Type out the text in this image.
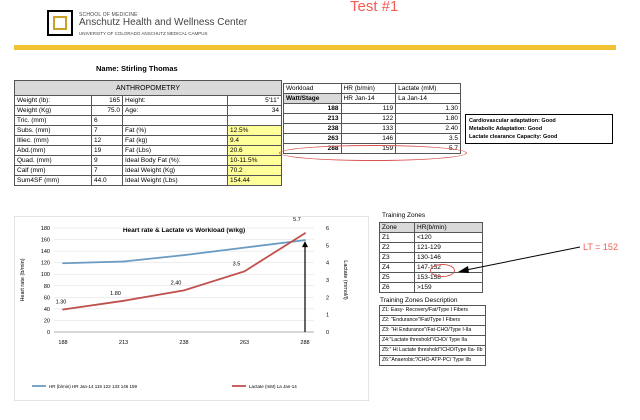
SCHOOL OF MEDICINE
Anschutz Health and Wellness Center
UNIVERSITY OF COLORADO ANSCHUTZ MEDICAL CAMPUS
Test #1
Name: Stirling Thomas
ANTHROPOMETRY			
Weight (lb):	165	Height:	5'11"
Weight (Kg)	75.0	Age:	34
Tric. (mm)	6		
Subs. (mm)	7	Fat (%)	12.5%
Illiec. (mm)	12	Fat (kg)	9.4
Abd.(mm)	19	Fat (Lbs)	20.6
Quad. (mm)	9	Ideal Body Fat (%):	10-11.5%
Calf (mm)	7	Ideal Weight (Kg)	70.2
Sum4SF (mm)	44.0	Ideal Weight (Lbs)	154.44
Workload	HR (b/min)	Lactate (mM)
Watt/Stage	HR Jan-14	La Jan-14
188	119	1.30
213	122	1.80
238	133	2.40
263	146	3.5
288	159	5.7
Cardiovascular adaptation: Good
Metabolic Adaptation: Good
Lactate clearance Capacity: Good
Heart rate & Lactate vs Workload (w/kg)
0
20
40
60
80
100
120
140
160
180
0
1
2
3
4
5
6
188	213	238	263	288
Heart rate (b/min)	Lactate (mmol/l)
1.30
1.80
2.40
3.5
5.7
HR (b/min) HR Jan-14 119 122 133 146 159	Lactate (mM) La Jan-14
Training Zones
Zone	HR(b/min)
Z1	<120
Z2	121-129
Z3	130-146
Z4	147-152
Z5	153-158
Z6	>159
LT = 152
Training Zones Description
Z1: Easy- Recovery/Fat/Type I Fibers
Z2: "Endurance"/Fat/Type I Fibers
Z3: "Hi Endurance"/Fat-CHO/Type I-IIa
Z4:"Lactate threshold"/CHO/ Type IIa
Z5:" Hi Lactate threshold"/CHO/Type IIa- IIb
Z6:"Anaerobic"/CHO-ATP-PC/ Type IIb
